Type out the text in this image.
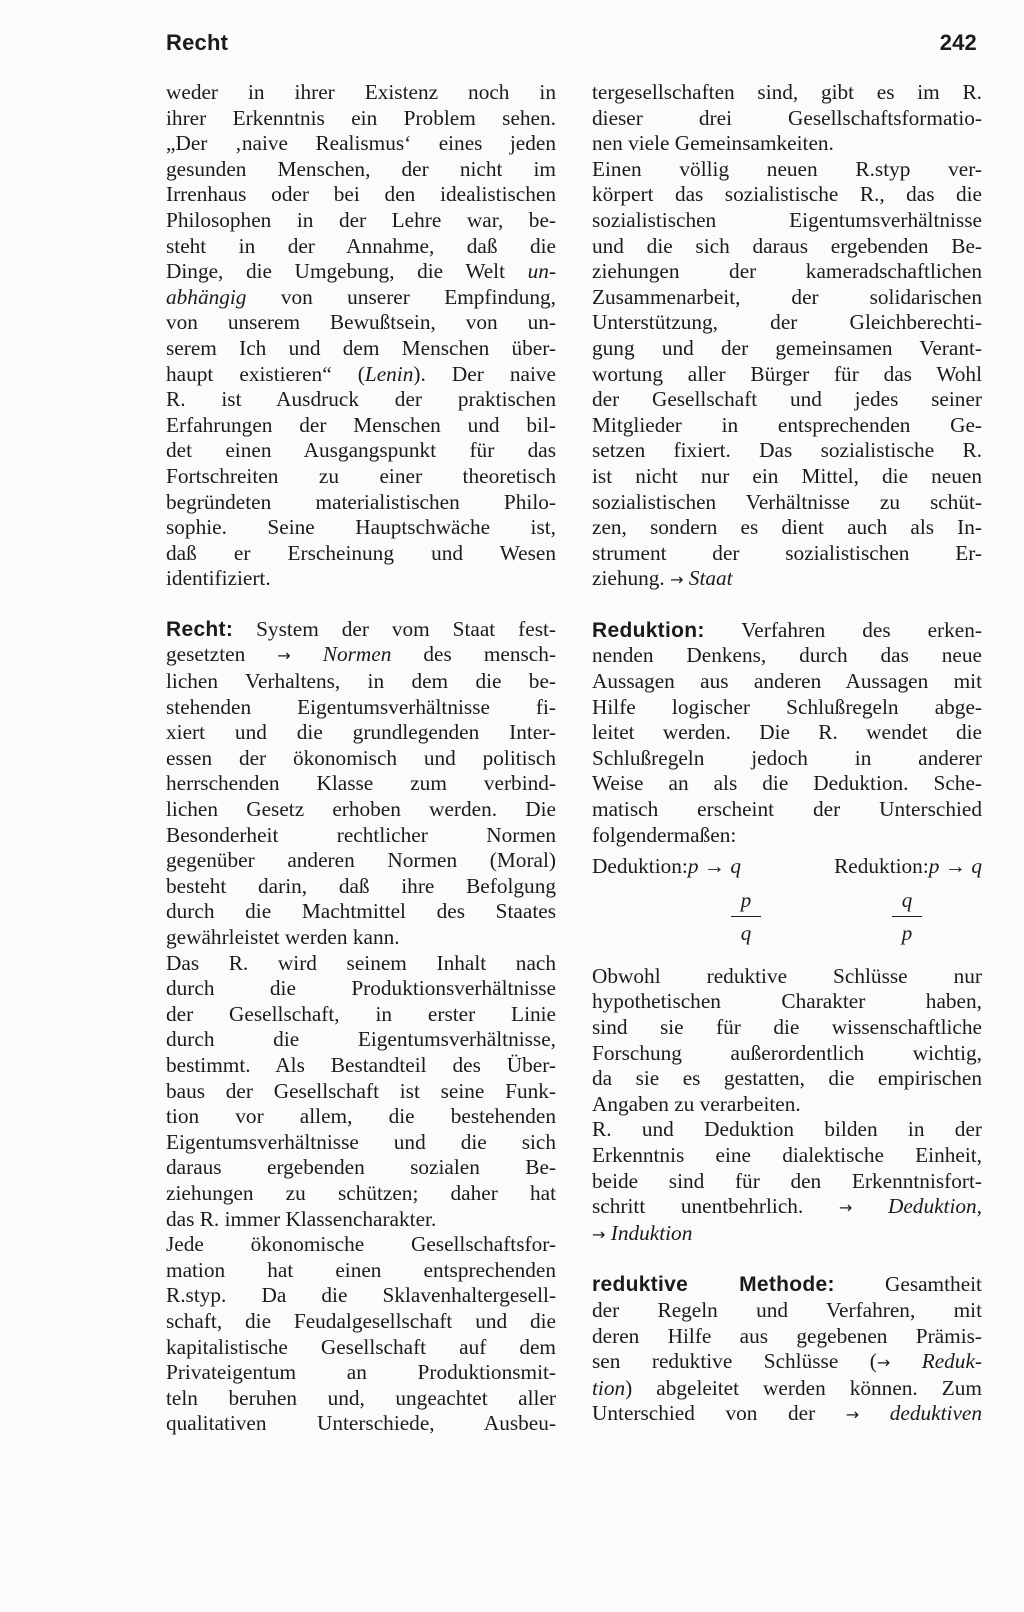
Recht	242
weder in ihrer Existenz noch in
ihrer Erkenntnis ein Problem sehen.
„Der ‚naive Realismus‘ eines jeden
gesunden Menschen, der nicht im
Irrenhaus oder bei den idealistischen
Philosophen in der Lehre war, be-
steht in der Annahme, daß die
Dinge, die Umgebung, die Welt un-
abhängig von unserer Empfindung,
von unserem Bewußtsein, von un-
serem Ich und dem Menschen über-
haupt existieren“ (Lenin). Der naive
R. ist Ausdruck der praktischen
Erfahrungen der Menschen und bil-
det einen Ausgangspunkt für das
Fortschreiten zu einer theoretisch
begründeten materialistischen Philo-
sophie. Seine Hauptschwäche ist,
daß er Erscheinung und Wesen
identifiziert.
Recht: System der vom Staat fest-
gesetzten → Normen des mensch-
lichen Verhaltens, in dem die be-
stehenden Eigentumsverhältnisse fi-
xiert und die grundlegenden Inter-
essen der ökonomisch und politisch
herrschenden Klasse zum verbind-
lichen Gesetz erhoben werden. Die
Besonderheit rechtlicher Normen
gegenüber anderen Normen (Moral)
besteht darin, daß ihre Befolgung
durch die Machtmittel des Staates
gewährleistet werden kann.
Das R. wird seinem Inhalt nach
durch die Produktionsverhältnisse
der Gesellschaft, in erster Linie
durch die Eigentumsverhältnisse,
bestimmt. Als Bestandteil des Über-
baus der Gesellschaft ist seine Funk-
tion vor allem, die bestehenden
Eigentumsverhältnisse und die sich
daraus ergebenden sozialen Be-
ziehungen zu schützen; daher hat
das R. immer Klassencharakter.
Jede ökonomische Gesellschaftsfor-
mation hat einen entsprechenden
R.styp. Da die Sklavenhaltergesell-
schaft, die Feudalgesellschaft und die
kapitalistische Gesellschaft auf dem
Privateigentum an Produktionsmit-
teln beruhen und, ungeachtet aller
qualitativen Unterschiede, Ausbeu-
tergesellschaften sind, gibt es im R.
dieser drei Gesellschaftsformatio-
nen viele Gemeinsamkeiten.
Einen völlig neuen R.styp ver-
körpert das sozialistische R., das die
sozialistischen Eigentumsverhältnisse
und die sich daraus ergebenden Be-
ziehungen der kameradschaftlichen
Zusammenarbeit, der solidarischen
Unterstützung, der Gleichberechti-
gung und der gemeinsamen Verant-
wortung aller Bürger für das Wohl
der Gesellschaft und jedes seiner
Mitglieder in entsprechenden Ge-
setzen fixiert. Das sozialistische R.
ist nicht nur ein Mittel, die neuen
sozialistischen Verhältnisse zu schüt-
zen, sondern es dient auch als In-
strument der sozialistischen Er-
ziehung. → Staat
Reduktion: Verfahren des erken-
nenden Denkens, durch das neue
Aussagen aus anderen Aussagen mit
Hilfe logischer Schlußregeln abge-
leitet werden. Die R. wendet die
Schlußregeln jedoch in anderer
Weise an als die Deduktion. Sche-
matisch erscheint der Unterschied
folgendermaßen:
Deduktion:p → q	Reduktion:p → q
$\frac{p}{q}$	$\frac{q}{p}$
Obwohl reduktive Schlüsse nur
hypothetischen Charakter haben,
sind sie für die wissenschaftliche
Forschung außerordentlich wichtig,
da sie es gestatten, die empirischen
Angaben zu verarbeiten.
R. und Deduktion bilden in der
Erkenntnis eine dialektische Einheit,
beide sind für den Erkenntnisfort-
schritt unentbehrlich. → Deduktion,
→ Induktion
reduktive Methode: Gesamtheit
der Regeln und Verfahren, mit
deren Hilfe aus gegebenen Prämis-
sen reduktive Schlüsse (→ Reduk-
tion) abgeleitet werden können. Zum
Unterschied von der → deduktiven
